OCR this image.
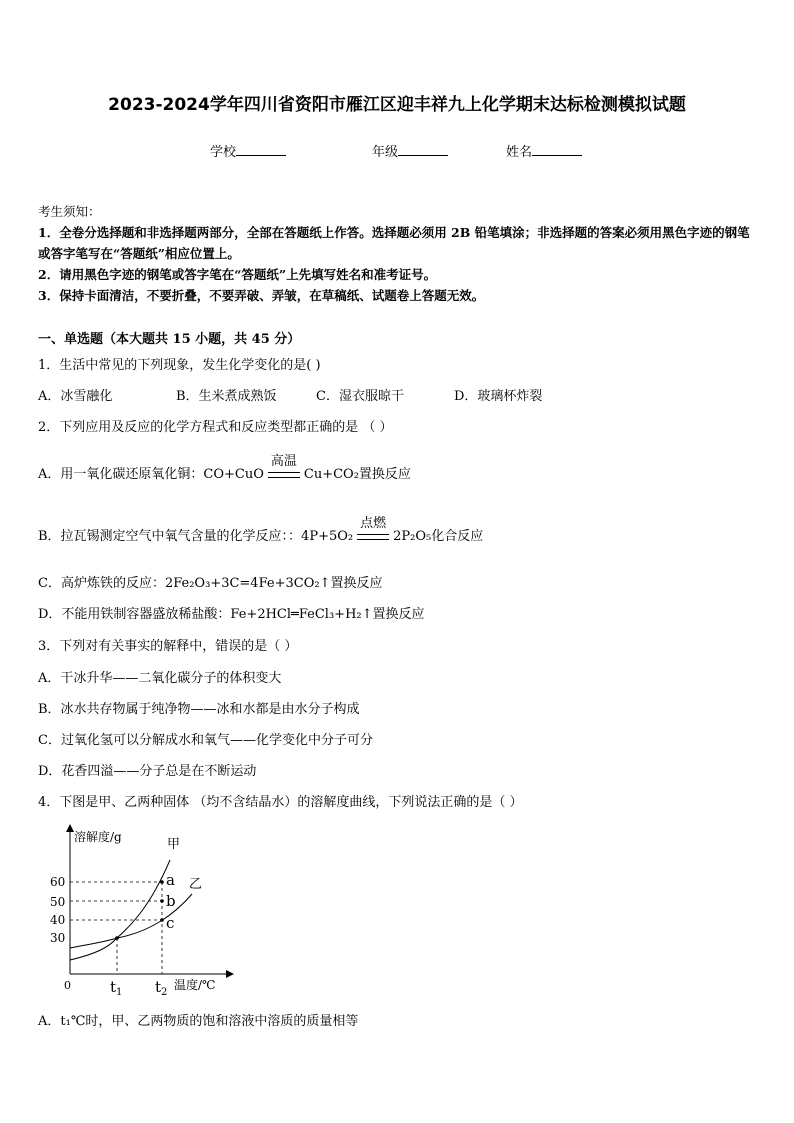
2023-2024学年四川省资阳市雁江区迎丰祥九上化学期末达标检测模拟试题
学校	年级	姓名
考生须知：
1．全卷分选择题和非选择题两部分，全部在答题纸上作答。选择题必须用 2B 铅笔填涂；非选择题的答案必须用黑色字迹的钢笔或答字笔写在“答题纸”相应位置上。
2．请用黑色字迹的钢笔或答字笔在“答题纸”上先填写姓名和准考证号。
3．保持卡面清洁，不要折叠，不要弄破、弄皱，在草稿纸、试题卷上答题无效。
一、单选题（本大题共 15 小题，共 45 分）
1．生活中常见的下列现象，发生化学变化的是( )
A．冰雪融化	B．生米煮成熟饭	C．湿衣服晾干	D．玻璃杯炸裂
2．下列应用及反应的化学方程式和反应类型都正确的是 （ ）
A．用一氧化碳还原氧化铜：CO+CuO
高温
Cu+CO₂置换反应
B．拉瓦锡测定空气中氧气含量的化学反应：：4P+5O₂
点燃
2P₂O₅化合反应
C．高炉炼铁的反应：2Fe₂O₃+3C=4Fe+3CO₂↑置换反应
D．不能用铁制容器盛放稀盐酸：Fe+2HCl═FeCl₃+H₂↑置换反应
3．下列对有关事实的解释中，错误的是（ ）
A．干冰升华——二氧化碳分子的体积变大
B．冰水共存物属于纯净物——冰和水都是由水分子构成
C．过氧化氢可以分解成水和氧气——化学变化中分子可分
D．花香四溢——分子总是在不断运动
4．下图是甲、乙两种固体 （均不含结晶水）的溶解度曲线，下列说法正确的是（ ）
溶解度/g
温度/℃
0
60
50
40
30
a
b
c
甲
乙
$t_1$ $t_2$
A．t₁℃时，甲、乙两物质的饱和溶液中溶质的质量相等
